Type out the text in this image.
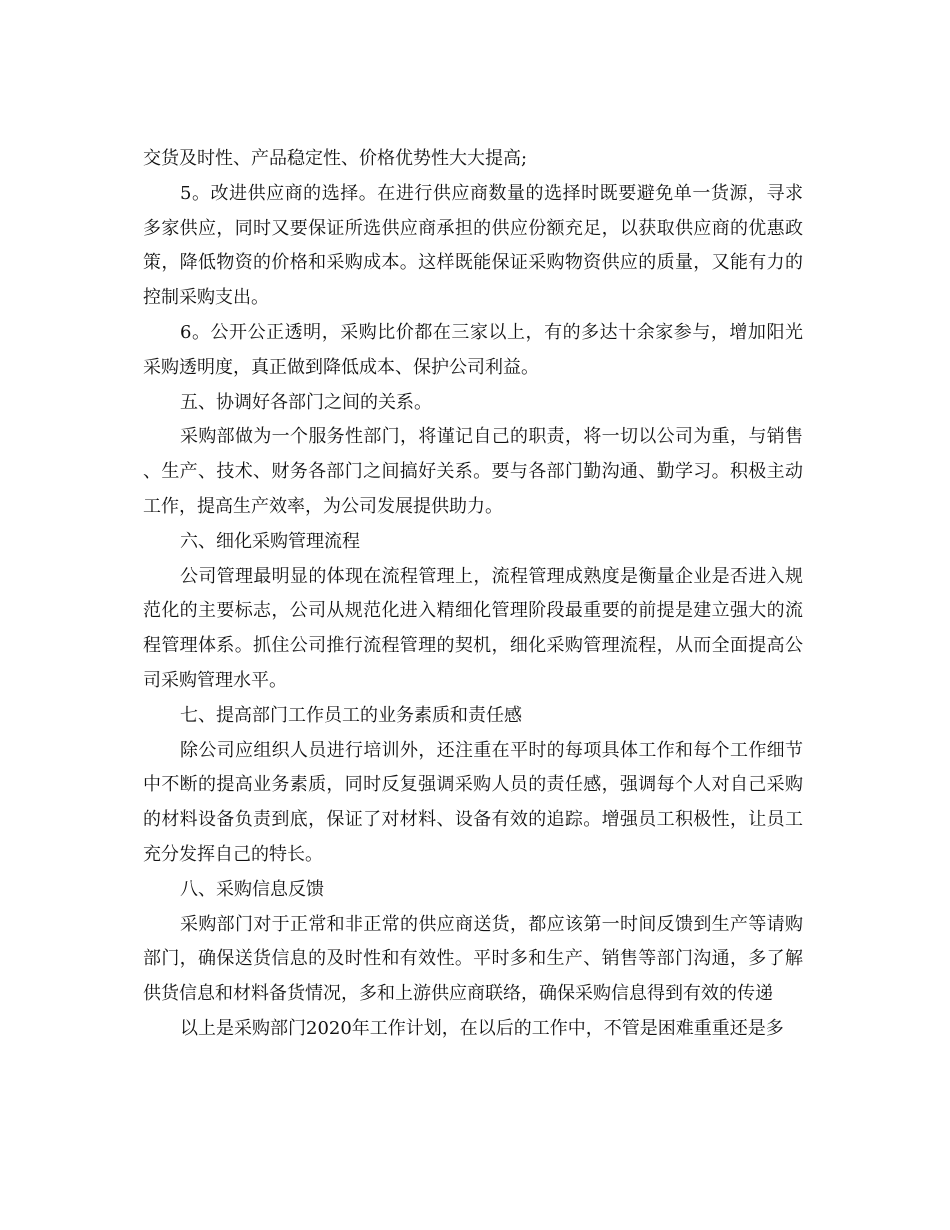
交货及时性、产品稳定性、价格优势性大大提高;

5。改进供应商的选择。在进行供应商数量的选择时既要避免单一货源，寻求多家供应，同时又要保证所选供应商承担的供应份额充足，以获取供应商的优惠政策，降低物资的价格和采购成本。这样既能保证采购物资供应的质量，又能有力的控制采购支出。

6。公开公正透明，采购比价都在三家以上，有的多达十余家参与，增加阳光采购透明度，真正做到降低成本、保护公司利益。

五、协调好各部门之间的关系。

采购部做为一个服务性部门，将谨记自己的职责，将一切以公司为重，与销售、生产、技术、财务各部门之间搞好关系。要与各部门勤沟通、勤学习。积极主动工作，提高生产效率，为公司发展提供助力。

六、细化采购管理流程

公司管理最明显的体现在流程管理上，流程管理成熟度是衡量企业是否进入规范化的主要标志，公司从规范化进入精细化管理阶段最重要的前提是建立强大的流程管理体系。抓住公司推行流程管理的契机，细化采购管理流程，从而全面提高公司采购管理水平。

七、提高部门工作员工的业务素质和责任感

除公司应组织人员进行培训外，还注重在平时的每项具体工作和每个工作细节中不断的提高业务素质，同时反复强调采购人员的责任感，强调每个人对自己采购的材料设备负责到底，保证了对材料、设备有效的追踪。增强员工积极性，让员工充分发挥自己的特长。

八、采购信息反馈

采购部门对于正常和非正常的供应商送货，都应该第一时间反馈到生产等请购部门，确保送货信息的及时性和有效性。平时多和生产、销售等部门沟通，多了解供货信息和材料备货情况，多和上游供应商联络，确保采购信息得到有效的传递

以上是采购部门2020年工作计划，在以后的工作中，不管是困难重重还是多
